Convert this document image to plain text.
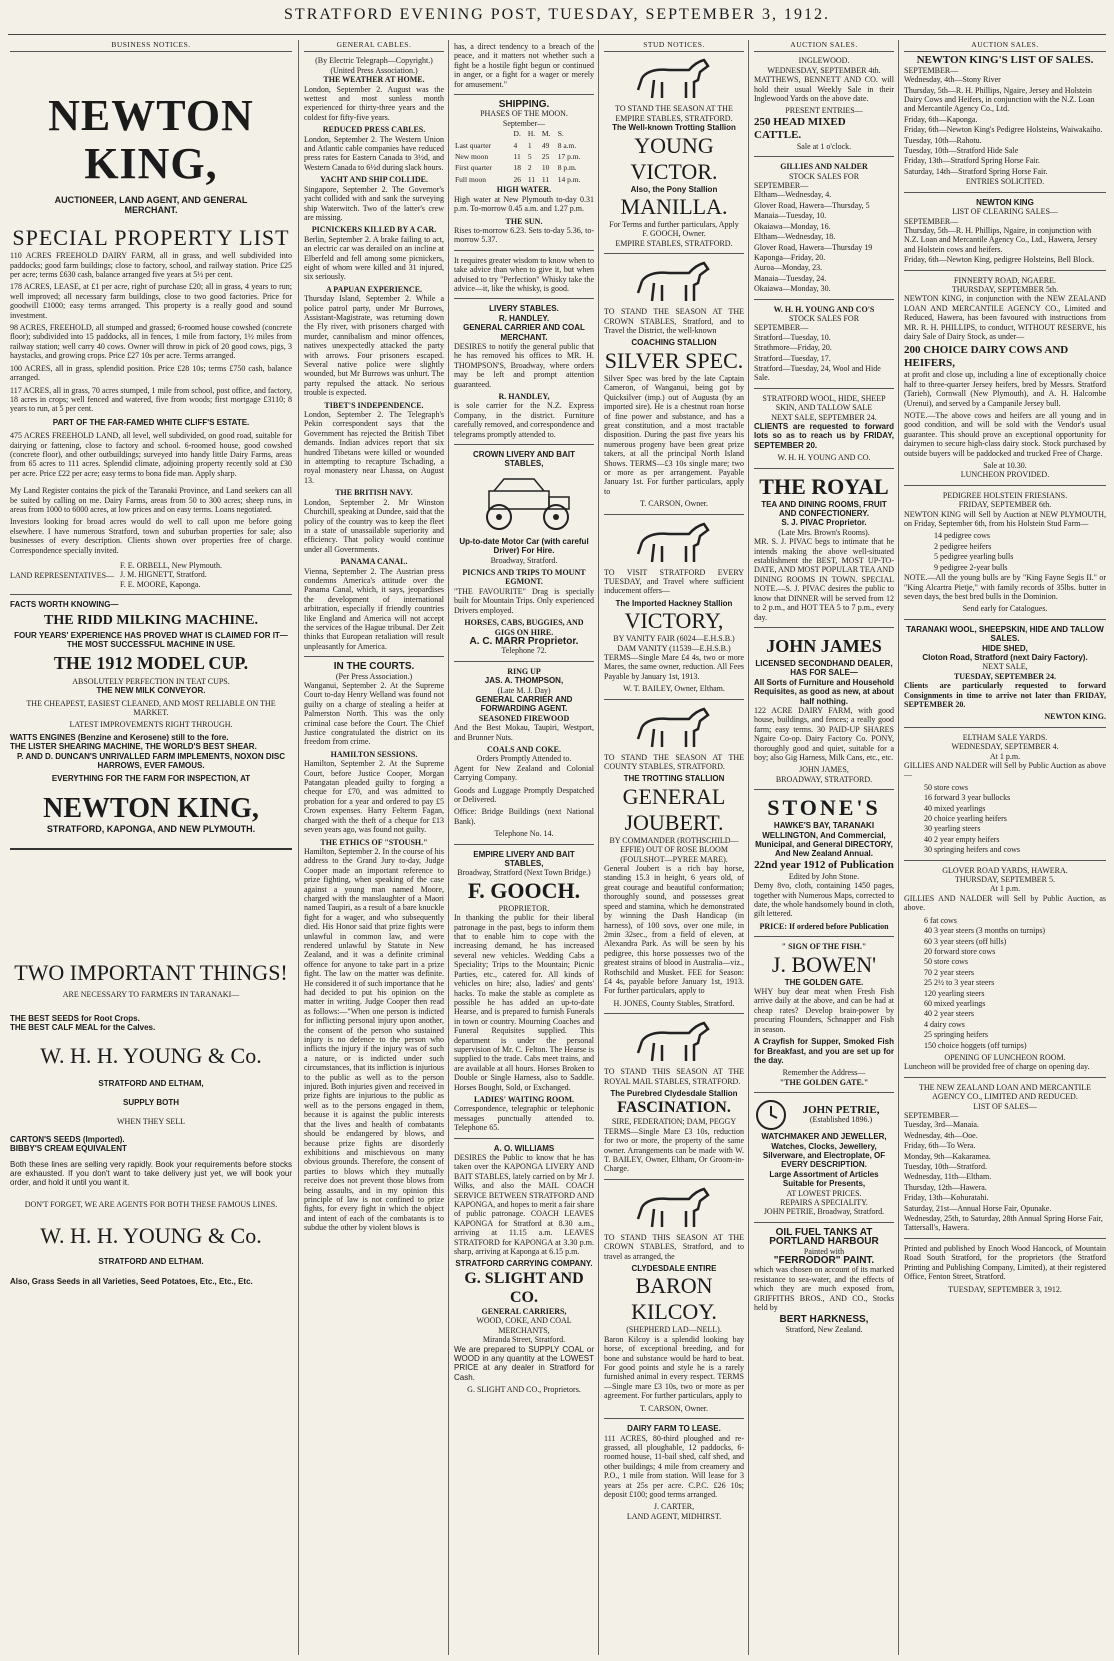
STRATFORD EVENING POST, TUESDAY, SEPTEMBER 3, 1912.
BUSINESS NOTICES.
NEWTON KING,
AUCTIONEER, LAND AGENT, AND GENERAL MERCHANT.
SPECIAL PROPERTY LIST

110 ACRES FREEHOLD DAIRY FARM, all in grass, and well subdivided into paddocks; good farm buildings; close to factory, school, and railway station. Price £25 per acre; terms £630 cash, balance arranged five years at 5½ per cent.

178 ACRES, LEASE, at £1 per acre, right of purchase £20; all in grass, 4 years to run; well improved; all necessary farm buildings, close to two good factories. Price for goodwill £1000; easy terms arranged. This property is a really good and sound investment.

98 ACRES, FREEHOLD, all stumped and grassed; 6-roomed house cowshed (concrete floor); subdivided into 15 paddocks, all in fences, 1 mile from factory, 1½ miles from railway station; well carry 40 cows. Owner will throw in pick of 20 good cows, pigs, 3 haystacks, and growing crops. Price £27 10s per acre. Terms arranged.

100 ACRES, all in grass, splendid position. Price £28 10s; terms £750 cash, balance arranged.

117 ACRES, all in grass, 70 acres stumped, 1 mile from school, post office, and factory, 18 acres in crops; well fenced and watered, five from woods; first mortgage £3110; 8 years to run, at 5 per cent.

PART OF THE FAR-FAMED WHITE CLIFF'S ESTATE.

475 ACRES FREEHOLD LAND, all level, well subdivided, on good road, suitable for dairying or fattening, close to factory and school. 6-roomed house, good cowshed (concrete floor), and other outbuildings; surveyed into handy little Dairy Farms, areas from 65 acres to 111 acres. Splendid climate, adjoining property recently sold at £30 per acre. Price £22 per acre; easy terms to bona fide man. Apply sharp.

My Land Register contains the pick of the Taranaki Province, and Land seekers can all be suited by calling on me. Dairy Farms, areas from 50 to 300 acres; sheep runs, in areas from 1000 to 6000 acres, at low prices and on easy terms. Loans negotiated.

Investors looking for broad acres would do well to call upon me before going elsewhere. I have numerous Stratford, town and suburban properties for sale; also businesses of every description. Clients shown over properties free of charge. Correspondence specially invited.

LAND REPRESENTATIVES—
F. E. ORBELL, New Plymouth.
J. M. HIGNETT, Stratford.
F. E. MOORE, Kaponga.
FACTS WORTH KNOWING—
THE RIDD MILKING MACHINE.
FOUR YEARS' EXPERIENCE HAS PROVED WHAT IS CLAIMED FOR IT—THE MOST SUCCESSFUL MACHINE IN USE.
THE 1912 MODEL CUP.
ABSOLUTELY PERFECTION IN TEAT CUPS.
THE NEW MILK CONVEYOR.
THE CHEAPEST, EASIEST CLEANED, AND MOST RELIABLE ON THE MARKET.
LATEST IMPROVEMENTS RIGHT THROUGH.
WATTS ENGINES (Benzine and Kerosene) still to the fore.
THE LISTER SHEARING MACHINE, THE WORLD'S BEST SHEAR.
P. AND D. DUNCAN'S UNRIVALLED FARM IMPLEMENTS, NOXON DISC HARROWS, EVER FAMOUS.
EVERYTHING FOR THE FARM FOR INSPECTION, AT
NEWTON KING,
STRATFORD, KAPONGA, AND NEW PLYMOUTH.
TWO IMPORTANT THINGS!
ARE NECESSARY TO FARMERS IN TARANAKI—
THE BEST SEEDS for Root Crops.
THE BEST CALF MEAL for the Calves.
W. H. H. YOUNG & Co.
STRATFORD AND ELTHAM,
SUPPLY BOTH
WHEN THEY SELL
CARTON'S SEEDS (Imported).
BIBBY'S CREAM EQUIVALENT

Both these lines are selling very rapidly. Book your requirements before stocks are exhausted. If you don't want to take delivery just yet, we will book your order, and hold it until you want it.

DON'T FORGET, WE ARE AGENTS FOR BOTH THESE FAMOUS LINES.
W. H. H. YOUNG & Co.
STRATFORD AND ELTHAM.
Also, Grass Seeds in all Varieties, Seed Potatoes, Etc., Etc., Etc.
GENERAL CABLES.
(By Electric Telegraph—Copyright.) (United Press Association.)
THE WEATHER AT HOME.

London, September 2. August was the wettest and most sunless month experienced for thirty-three years and the coldest for fifty-five years.

REDUCED PRESS CABLES.

London, September 2. The Western Union and Atlantic cable companies have reduced press rates for Eastern Canada to 3½d, and Western Canada to 6½d during slack hours.

YACHT AND SHIP COLLIDE.

Singapore, September 2. The Governor's yacht collided with and sank the surveying ship Waterwitch. Two of the latter's crew are missing.

PICNICKERS KILLED BY A CAR.

Berlin, September 2. A brake failing to act, an electric car was derailed on an incline at Elberfeld and fell among some picnickers, eight of whom were killed and 31 injured, six seriously.

A PAPUAN EXPERIENCE.

Thursday Island, September 2. While a police patrol party, under Mr Burrows, Assistant-Magistrate, was returning down the Fly river, with prisoners charged with murder, cannibalism and minor offences, natives unexpectedly attacked the party with arrows. Four prisoners escaped. Several native police were slightly wounded, but Mr Burrows was unhurt. The party repulsed the attack. No serious trouble is expected.

TIBET'S INDEPENDENCE.

London, September 2. The Telegraph's Pekin correspondent says that the Government has rejected the British Tibet demands. Indian advices report that six hundred Tibetans were killed or wounded in attempting to recapture Tschading, a royal monastery near Lhassa, on August 13.

THE BRITISH NAVY.

London, September 2. Mr Winston Churchill, speaking at Dundee, said that the policy of the country was to keep the fleet in a state of unassailable superiority and efficiency. That policy would continue under all Governments.

PANAMA CANAL.

Vienna, September 2. The Austrian press condemns America's attitude over the Panama Canal, which, it says, jeopardises the development of international arbitration, especially if friendly countries like England and America will not accept the services of the Hague tribunal. Der Zeit thinks that European retaliation will result unpleasantly for America.

IN THE COURTS.
(Per Press Association.)

Wanganui, September 2. At the Supreme Court to-day Henry Welland was found not guilty on a charge of stealing a heifer at Palmerston North. This was the only criminal case before the Court. The Chief Justice congratulated the district on its freedom from crime.

HAMILTON SESSIONS.

Hamilton, September 2. At the Supreme Court, before Justice Cooper, Morgan Patangatan pleaded guilty to forging a cheque for £70, and was admitted to probation for a year and ordered to pay £5 Crown expenses. Harry Felterm Fagan, charged with the theft of a cheque for £13 seven years ago, was found not guilty.

THE ETHICS OF "STOUSH."

Hamilton, September 2. In the course of his address to the Grand Jury to-day, Judge Cooper made an important reference to prize fighting, when speaking of the case against a young man named Moore, charged with the manslaughter of a Maori named Taupiri, as a result of a bare knuckle fight for a wager, and who subsequently died. His Honor said that prize fights were unlawful in common law, and were rendered unlawful by Statute in New Zealand, and it was a definite criminal offence for anyone to take part in a prize fight. The law on the matter was definite. He considered it of such importance that he had decided to put his opinion on the matter in writing. Judge Cooper then read as follows:—"When one person is indicted for inflicting personal injury upon another, the consent of the person who sustained injury is no defence to the person who inflicts the injury if the injury was of such a nature, or is indicted under such circumstances, that its infliction is injurious to the public as well as to the person injured. Both injuries given and received in prize fights are injurious to the public as well as to the persons engaged in them, because it is against the public interests that the lives and health of combatants should be endangered by blows, and because prize fights are disorderly exhibitions and mischievous on many obvious grounds. Therefore, the consent of parties to blows which they mutually receive does not prevent those blows from being assaults, and in my opinion this principle of law is not confined to prize fights, for every fight in which the object and intent of each of the combatants is to subdue the other by violent blows is

has, a direct tendency to a breach of the peace, and it matters not whether such a fight be a hostile fight begun or continued in anger, or a fight for a wager or merely for amusement."

SHIPPING.
PHASES OF THE MOON.
September—
	D.	H.	M.	S.
Last quarter	4	1	49	8 a.m.
New moon	11	5	25	17 p.m.
First quarter	18	2	10	8 p.m.
Full moon	26	11	11	14 p.m.
HIGH WATER.

High water at New Plymouth to-day 0.31 p.m. To-morrow 0.45 a.m. and 1.27 p.m.

THE SUN.

Rises to-morrow 6.23. Sets to-day 5.36, to-morrow 5.37.

It requires greater wisdom to know when to take advice than when to give it, but when advised to try "Perfection" Whisky take the advice—it, like the whisky, is good.

LIVERY STABLES.
R. HANDLEY.
GENERAL CARRIER AND COAL MERCHANT.

DESIRES to notify the general public that he has removed his offices to MR. H. THOMPSON'S, Broadway, where orders may be left and prompt attention guaranteed.

R. HANDLEY,

is sole carrier for the N.Z. Express Company, in the district. Furniture carefully removed, and correspondence and telegrams promptly attended to.

CROWN LIVERY AND BAIT STABLES,
Up-to-date Motor Car (with careful Driver) For Hire.
Broadway, Stratford.
PICNICS AND TRIPS TO MOUNT EGMONT.

"THE FAVOURITE" Drag is specially built for Mountain Trips. Only experienced Drivers employed.

HORSES, CABS, BUGGIES, AND GIGS ON HIRE.
A. C. MARR Proprietor.
Telephone 72.
RING UP
JAS. A. THOMPSON,
(Late M. J. Day)
GENERAL CARRIER AND FORWARDING AGENT.
SEASONED FIREWOOD

And the Best Mokau, Taupiri, Westport, and Brunner Nuts.

COALS AND COKE.
Orders Promptly Attended to.

Agent for New Zealand and Colonial Carrying Company.

Goods and Luggage Promptly Despatched or Delivered.

Office: Bridge Buildings (next National Bank).

Telephone No. 14.
EMPIRE LIVERY AND BAIT STABLES,
Broadway, Stratford (Next Town Bridge.)
F. GOOCH.
PROPRIETOR.

In thanking the public for their liberal patronage in the past, begs to inform them that to enable him to cope with the increasing demand, he has increased several new vehicles. Wedding Cabs a Speciality; Trips to the Mountain; Picnic Parties, etc., catered for. All kinds of vehicles on hire; also, ladies' and gents' hacks. To make the stable as complete as possible he has added an up-to-date Hearse, and is prepared to furnish Funerals in town or country. Mourning Coaches and Funeral Requisites supplied. This department is under the personal supervision of Mr. C. Felton. The Hearse is supplied to the trade. Cabs meet trains, and are available at all hours. Horses Broken to Double or Single Harness, also to Saddle. Horses Bought, Sold, or Exchanged.

LADIES' WAITING ROOM.

Correspondence, telegraphic or telephonic messages punctually attended to. Telephone 65.

A. O. WILLIAMS

DESIRES the Public to know that he has taken over the KAPONGA LIVERY AND BAIT STABLES, lately carried on by Mr J. Wilks, and also the MAIL COACH SERVICE BETWEEN STRATFORD AND KAPONGA, and hopes to merit a fair share of public patronage. COACH LEAVES KAPONGA for Stratford at 8.30 a.m., arriving at 11.15 a.m. LEAVES STRATFORD for KAPONGA at 3.30 p.m. sharp, arriving at Kaponga at 6.15 p.m.

STRATFORD CARRYING COMPANY.
G. SLIGHT AND CO.
GENERAL CARRIERS,
WOOD, COKE, AND COAL MERCHANTS,
Miranda Street, Stratford.

We are prepared to SUPPLY COAL or WOOD in any quantity at the LOWEST PRICE at any dealer in Stratford for Cash.

G. SLIGHT AND CO., Proprietors.
STUD NOTICES.
TO STAND THE SEASON AT THE EMPIRE STABLES, STRATFORD.
The Well-known Trotting Stallion
YOUNG VICTOR.
Also, the Pony Stallion
MANILLA.
For Terms and further particulars, Apply
F. GOOCH, Owner.
EMPIRE STABLES, STRATFORD.

TO STAND THE SEASON AT THE CROWN STABLES, Stratford, and to Travel the District, the well-known

COACHING STALLION
SILVER SPEC.

Silver Spec was bred by the late Captain Cameron, of Wanganui, being got by Quicksilver (imp.) out of Augusta (by an imported sire). He is a chestnut roan horse of fine power and substance, and has a great constitution, and a most tractable disposition. During the past five years his numerous progeny have been great prize takers, at all the principal North Island Shows. TERMS—£3 10s single mare; two or more as per arrangement. Payable January 1st. For further particulars, apply to

T. CARSON, Owner.

TO VISIT STRATFORD EVERY TUESDAY, and Travel where sufficient inducement offers—

The Imported Hackney Stallion
VICTORY,
BY VANITY FAIR (6024—E.H.S.B.) DAM VANITY (11539—E.H.S.B.)

TERMS—Single Mare £4 4s, two or more Mares, the same owner, reduction. All Fees Payable by January 1st, 1913.

W. T. BAILEY, Owner, Eltham.

TO STAND THE SEASON AT THE COUNTY STABLES, STRATFORD.

THE TROTTING STALLION
GENERAL JOUBERT.
BY COMMANDER (ROTHSCHILD—EFFIE) OUT OF ROSE BLOOM (FOULSHOT—PYREE MARE).

General Joubert is a rich bay horse, standing 15.3 in height, 6 years old, of great courage and beautiful conformation; thoroughly sound, and possesses great speed and stamina, which he demonstrated by winning the Dash Handicap (in harness), of 100 sovs, over one mile, in 2min 32sec., from a field of eleven, at Alexandra Park. As will be seen by his pedigree, this horse possesses two of the greatest strains of blood in Australia—viz., Rothschild and Musket. FEE for Season: £4 4s, payable before January 1st, 1913. For further particulars, apply to

H. JONES, County Stables, Stratford.

TO STAND THIS SEASON AT THE ROYAL MAIL STABLES, STRATFORD.

The Purebred Clydesdale Stallion
FASCINATION.
SIRE, FEDERATION; DAM, PEGGY

TERMS—Single Mare £3 10s, reduction for two or more, the property of the same owner. Arrangements can be made with W. T. BAILEY, Owner, Eltham, Or Groom-in-Charge.

TO STAND THIS SEASON AT THE CROWN STABLES, Stratford, and to travel as arranged, the

CLYDESDALE ENTIRE
BARON KILCOY.
(SHEPHERD LAD—NELL).

Baron Kilcoy is a splendid looking bay horse, of exceptional breeding, and for bone and substance would be hard to beat. For good points and style he is a rarely furnished animal in every respect. TERMS—Single mare £3 10s, two or more as per agreement. For further particulars, apply to

T. CARSON, Owner.
DAIRY FARM TO LEASE.

111 ACRES, 80-third ploughed and re-grassed, all ploughable, 12 paddocks, 6-roomed house, 11-bail shed, calf shed, and other buildings; 4 mile from creamery and P.O., 1 mile from station. Will lease for 3 years at 25s per acre. C.P.C. £26 10s; deposit £100; good terms arranged.

J. CARTER,
LAND AGENT, MIDHIRST.
AUCTION SALES.
INGLEWOOD.
WEDNESDAY, SEPTEMBER 4th.

MATTHEWS, BENNETT AND CO. will hold their usual Weekly Sale in their Inglewood Yards on the above date.

PRESENT ENTRIES—
250 HEAD MIXED CATTLE.
Sale at 1 o'clock.
GILLIES AND NALDER
STOCK SALES FOR
SEPTEMBER—
Eltham—Wednesday, 4.
Glover Road, Hawera—Thursday, 5
Manaia—Tuesday, 10.
Okaiawa—Monday, 16.
Eltham—Wednesday, 18.
Glover Road, Hawera—Thursday 19
Kaponga—Friday, 20.
Auroa—Monday, 23.
Manaia—Tuesday, 24.
Okaiawa—Monday, 30.
W. H. H. YOUNG AND CO'S
STOCK SALES FOR
SEPTEMBER—
Stratford—Tuesday, 10.
Strathmore—Friday, 20.
Stratford—Tuesday, 17.
Stratford—Tuesday, 24, Wool and Hide Sale.
STRATFORD WOOL, HIDE, SHEEP SKIN, AND TALLOW SALE
NEXT SALE, SEPTEMBER 24.

CLIENTS are requested to forward lots so as to reach us by FRIDAY, SEPTEMBER 20.

W. H. H. YOUNG AND CO.
THE ROYAL
TEA AND DINING ROOMS, FRUIT AND CONFECTIONERY.
S. J. PIVAC Proprietor.
(Late Mrs. Brown's Rooms).

MR. S. J. PIVAC begs to intimate that he intends making the above well-situated establishment the BEST, MOST UP-TO-DATE, AND MOST POPULAR TEA AND DINING ROOMS IN TOWN. SPECIAL NOTE.—S. J. PIVAC desires the public to know that DINNER will be served from 12 to 2 p.m., and HOT TEA 5 to 7 p.m., every day.

JOHN JAMES
LICENSED SECONDHAND DEALER, HAS FOR SALE—
All Sorts of Furniture and Household Requisites, as good as new, at about half nothing.

122 ACRE DAIRY FARM, with good house, buildings, and fences; a really good farm; easy terms. 30 PAID-UP SHARES Ngaire Co-op. Dairy Factory Co. PONY, thoroughly good and quiet, suitable for a boy; also Gig Harness, Milk Cans, etc., etc.

JOHN JAMES,
BROADWAY, STRATFORD.
STONE'S
HAWKE'S BAY, TARANAKI WELLINGTON, And Commercial, Municipal, and General DIRECTORY, And New Zealand Annual.
22nd year 1912 of Publication
Edited by John Stone.

Demy 8vo, cloth, containing 1450 pages, together with Numerous Maps, corrected to date, the whole handsomely bound in cloth, gilt lettered.

PRICE: If ordered before Publication
" SIGN OF THE FISH."
J. BOWEN'
THE GOLDEN GATE.

WHY buy dear meat when Fresh Fish arrive daily at the above, and can be had at cheap rates? Develop brain-power by procuring Flounders, Schnapper and Fish in season.

A Crayfish for Supper, Smoked Fish for Breakfast, and you are set up for the day.

Remember the Address—
"THE GOLDEN GATE."
JOHN PETRIE,
(Established 1896.)
WATCHMAKER AND JEWELLER, Watches, Clocks, Jewellery, Silverware, and Electroplate, OF EVERY DESCRIPTION.
Large Assortment of Articles Suitable for Presents,
AT LOWEST PRICES.
REPAIRS A SPECIALITY.
JOHN PETRIE, Broadway, Stratford.
OIL FUEL TANKS AT PORTLAND HARBOUR
Painted with
"FERRODOR" PAINT.

which was chosen on account of its marked resistance to sea-water, and the effects of which they are much exposed from, GRIFFITHS BROS., AND CO., Stocks held by

BERT HARKNESS,
Stratford, New Zealand.
AUCTION SALES.
NEWTON KING'S LIST OF SALES.
SEPTEMBER—
Wednesday, 4th—Stony River
Thursday, 5th—R. H. Phillips, Ngaire, Jersey and Holstein Dairy Cows and Heifers, in conjunction with the N.Z. Loan and Mercantile Agency Co., Ltd.
Friday, 6th—Kaponga.
Friday, 6th—Newton King's Pedigree Holsteins, Waiwakaiho.
Tuesday, 10th—Rahotu.
Tuesday, 10th—Stratford Hide Sale
Friday, 13th—Stratford Spring Horse Fair.
Saturday, 14th—Stratford Spring Horse Fair.
ENTRIES SOLICITED.
NEWTON KING
LIST OF CLEARING SALES—
SEPTEMBER—
Thursday, 5th—R. H. Phillips, Ngaire, in conjunction with N.Z. Loan and Mercantile Agency Co., Ltd., Hawera, Jersey and Holstein cows and heifers.
Friday, 6th—Newton King, pedigree Holsteins, Bell Block.
FINNERTY ROAD, NGAERE.
THURSDAY, SEPTEMBER 5th.

NEWTON KING, in conjunction with the NEW ZEALAND LOAN AND MERCANTILE AGENCY CO., Limited and Reduced, Hawera, has been favoured with instructions from MR. R. H. PHILLIPS, to conduct, WITHOUT RESERVE, his dairy Sale of Dairy Stock, as under—

200 CHOICE DAIRY COWS AND HEIFERS,

at profit and close up, including a line of exceptionally choice half to three-quarter Jersey heifers, bred by Messrs. Stratford (Tarieh), Cornwall (New Plymouth), and A. H. Halcombe (Urenui), and served by a Campanile Jersey bull.

NOTE.—The above cows and heifers are all young and in good condition, and will be sold with the Vendor's usual guarantee. This should prove an exceptional opportunity for dairymen to secure high-class dairy stock. Stock purchased by outside buyers will be paddocked and trucked Free of Charge.

Sale at 10.30.
LUNCHEON PROVIDED.
PEDIGREE HOLSTEIN FRIESIANS.
FRIDAY, SEPTEMBER 6th.

NEWTON KING will Sell by Auction at NEW PLYMOUTH, on Friday, September 6th, from his Holstein Stud Farm—

14 pedigree cows
2 pedigree heifers
5 pedigree yearling bulls
9 pedigree 2-year bulls

NOTE.—All the young bulls are by "King Fayne Segis II." or "King Alcartra Pietje," with family records of 35lbs. butter in seven days, the best bred bulls in the Dominion.

Send early for Catalogues.
TARANAKI WOOL, SHEEPSKIN, HIDE AND TALLOW SALES.
HIDE SHED,
Cloton Road, Stratford (next Dairy Factory).
NEXT SALE,
TUESDAY, SEPTEMBER 24.

Clients are particularly requested to forward Consignments in time to arrive not later than FRIDAY, SEPTEMBER 20.

NEWTON KING.
ELTHAM SALE YARDS.
WEDNESDAY, SEPTEMBER 4.
At 1 p.m.

GILLIES AND NALDER will Sell by Public Auction as above—

50 store cows
16 forward 3 year bullocks
40 mixed yearlings
20 choice yearling heifers
30 yearling steers
40 2 year empty heifers
30 springing heifers and cows
GLOVER ROAD YARDS, HAWERA.
THURSDAY, SEPTEMBER 5.
At 1 p.m.

GILLIES AND NALDER will Sell by Public Auction, as above.

6 fat cows
40 3 year steers (3 months on turnips)
60 3 year steers (off hills)
20 forward store cows
50 store cows
70 2 year steers
25 2½ to 3 year steers
120 yearling steers
60 mixed yearlings
40 2 year steers
4 dairy cows
25 springing heifers
150 choice hoggets (off turnips)
OPENING OF LUNCHEON ROOM.

Luncheon will be provided free of charge on opening day.

THE NEW ZEALAND LOAN AND MERCANTILE AGENCY CO., LIMITED AND REDUCED.
LIST OF SALES—
SEPTEMBER—
Tuesday, 3rd—Manaia.
Wednesday, 4th—Ooe.
Friday, 6th—To Wera.
Monday, 9th—Kakaramea.
Tuesday, 10th—Stratford.
Wednesday, 11th—Eltham.
Thursday, 12th—Hawera.
Friday, 13th—Kohuratahi.
Saturday, 21st—Annual Horse Fair, Opunake.
Wednesday, 25th, to Saturday, 28th Annual Spring Horse Fair, Tattersall's, Hawera.

Printed and published by Enoch Wood Hancock, of Mountain Road South Stratford, for the proprietors (the Stratford Printing and Publishing Company, Limited), at their registered Office, Fenton Street, Stratford.

TUESDAY, SEPTEMBER 3, 1912.
